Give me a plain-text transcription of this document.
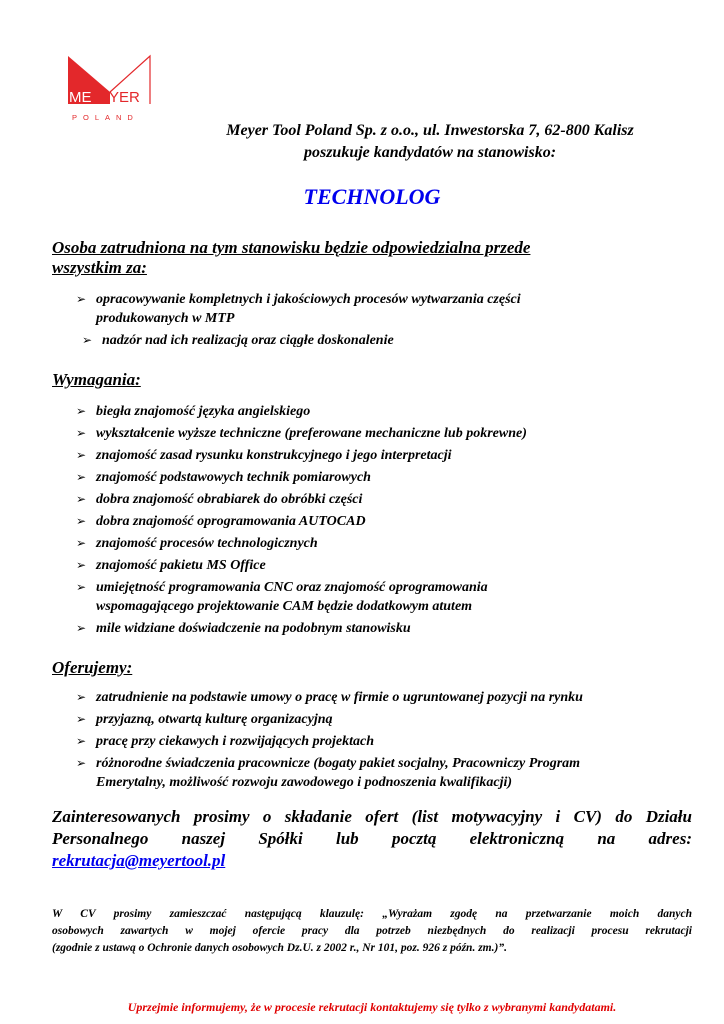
ME YER
POLAND
Meyer Tool Poland Sp. z o.o., ul. Inwestorska 7, 62-800 Kalisz
poszukuje kandydatów na stanowisko:
TECHNOLOG
Osoba zatrudniona na tym stanowisku będzie odpowiedzialna przede
wszystkim za:
➢ opracowywanie kompletnych i jakościowych procesów wytwarzania części
produkowanych w MTP
➢ nadzór nad ich realizacją oraz ciągłe doskonalenie
Wymagania:
➢ biegła znajomość języka angielskiego
➢ wykształcenie wyższe techniczne (preferowane mechaniczne lub pokrewne)
➢ znajomość zasad rysunku konstrukcyjnego i jego interpretacji
➢ znajomość podstawowych technik pomiarowych
➢ dobra znajomość obrabiarek do obróbki części
➢ dobra znajomość oprogramowania AUTOCAD
➢ znajomość procesów technologicznych
➢ znajomość pakietu MS Office
➢ umiejętność programowania CNC oraz znajomość oprogramowania
wspomagającego projektowanie CAM będzie dodatkowym atutem
➢ mile widziane doświadczenie na podobnym stanowisku
Oferujemy:
➢ zatrudnienie na podstawie umowy o pracę w firmie o ugruntowanej pozycji na rynku
➢ przyjazną, otwartą kulturę organizacyjną
➢ pracę przy ciekawych i rozwijających projektach
➢ różnorodne świadczenia pracownicze (bogaty pakiet socjalny, Pracowniczy Program
Emerytalny, możliwość rozwoju zawodowego i podnoszenia kwalifikacji)
Zainteresowanych prosimy o składanie ofert (list motywacyjny i CV) do Działu
Personalnego naszej Spółki lub pocztą elektroniczną na adres:
rekrutacja@meyertool.pl
W CV prosimy zamieszczać następującą klauzulę: „Wyrażam zgodę na przetwarzanie moich danych
osobowych zawartych w mojej ofercie pracy dla potrzeb niezbędnych do realizacji procesu rekrutacji
(zgodnie z ustawą o Ochronie danych osobowych Dz.U. z 2002 r., Nr 101, poz. 926 z późn. zm.)”.
Uprzejmie informujemy, że w procesie rekrutacji kontaktujemy się tylko z wybranymi kandydatami.
